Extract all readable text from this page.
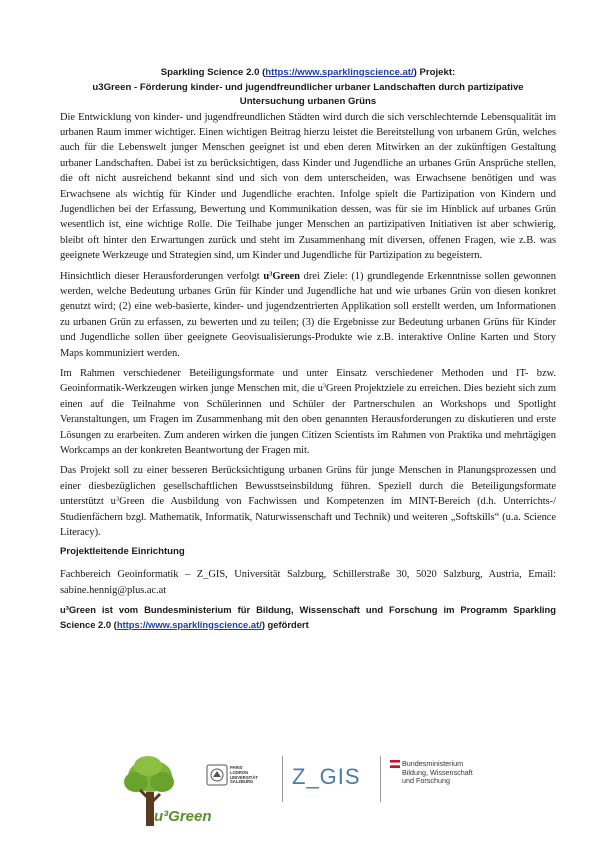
Sparkling Science 2.0 (https://www.sparklingscience.at/) Projekt:
u3Green - Förderung kinder- und jugendfreundlicher urbaner Landschaften durch partizipative
Untersuchung urbanen Grüns

Die Entwicklung von kinder- und jugendfreundlichen Städten wird durch die sich verschlechternde Lebensqualität im urbanen Raum immer wichtiger. Einen wichtigen Beitrag hierzu leistet die Bereitstellung von urbanem Grün, welches auch für die Lebenswelt junger Menschen geeignet ist und eben deren Mitwirken an der zukünftigen Gestaltung urbaner Landschaften. Dabei ist zu berücksichtigen, dass Kinder und Jugendliche an urbanes Grün Ansprüche stellen, die oft nicht ausreichend bekannt sind und sich von dem unterscheiden, was Erwachsene benötigen und was Erwachsene als wichtig für Kinder und Jugendliche erachten. Infolge spielt die Partizipation von Kindern und Jugendlichen bei der Erfassung, Bewertung und Kommunikation dessen, was für sie im Hinblick auf urbanes Grün wesentlich ist, eine wichtige Rolle. Die Teilhabe junger Menschen an partizipativen Initiativen ist aber schwierig, bleibt oft hinter den Erwartungen zurück und steht im Zusammenhang mit diversen, offenen Fragen, wie z.B. was geeignete Werkzeuge und Strategien sind, um Kinder und Jugendliche für Partizipation zu begeistern.

Hinsichtlich dieser Herausforderungen verfolgt $u^3Green$ drei Ziele: (1) grundlegende Erkenntnisse sollen gewonnen werden, welche Bedeutung urbanes Grün für Kinder und Jugendliche hat und wie urbanes Grün von diesen konkret genutzt wird; (2) eine web-basierte, kinder- und jugendzentrierten Applikation soll erstellt werden, um Informationen zu urbanen Grün zu erfassen, zu bewerten und zu teilen; (3) die Ergebnisse zur Bedeutung urbanen Grüns für Kinder und Jugendliche sollen über geeignete Geovisualisierungs-Produkte wie z.B. interaktive Online Karten und Story Maps kommuniziert werden.

Im Rahmen verschiedener Beteiligungsformate und unter Einsatz verschiedener Methoden und IT- bzw. Geoinformatik-Werkzeugen wirken junge Menschen mit, die $u^3Green$ Projektziele zu erreichen. Dies bezieht sich zum einen auf die Teilnahme von Schülerinnen und Schüler der Partnerschulen an Workshops und Spotlight Veranstaltungen, um Fragen im Zusammenhang mit den oben genannten Herausforderungen zu diskutieren und erste Lösungen zu erarbeiten. Zum anderen wirken die jungen Citizen Scientists im Rahmen von Praktika und mehrtägigen Workcamps an der konkreten Beantwortung der Fragen mit.

Das Projekt soll zu einer besseren Berücksichtigung urbanen Grüns für junge Menschen in Planungsprozessen und einer diesbezüglichen gesellschaftlichen Bewusstseinsbildung führen. Speziell durch die Beteiligungsformate unterstützt $u^3Green$ die Ausbildung von Fachwissen und Kompetenzen im MINT-Bereich (d.h. Unterrichts-/ Studienfächern bzgl. Mathematik, Informatik, Naturwissenschaft und Technik) und weiteren „Softskills“ (u.a. Science Literacy).

Projektleitende Einrichtung

Fachbereich Geoinformatik – Z_GIS, Universität Salzburg, Schillerstraße 30, 5020 Salzburg, Austria, Email: sabine.hennig@plus.ac.at

u³Green ist vom Bundesministerium für Bildung, Wissenschaft und Forschung im Programm Sparkling Science 2.0 (https://www.sparklingscience.at/) gefördert
u³Green
PARIS
LODRON
UNIVERSITÄT
SALZBURG Z_GIS
Bundesministerium
Bildung, Wissenschaft
und Forschung
